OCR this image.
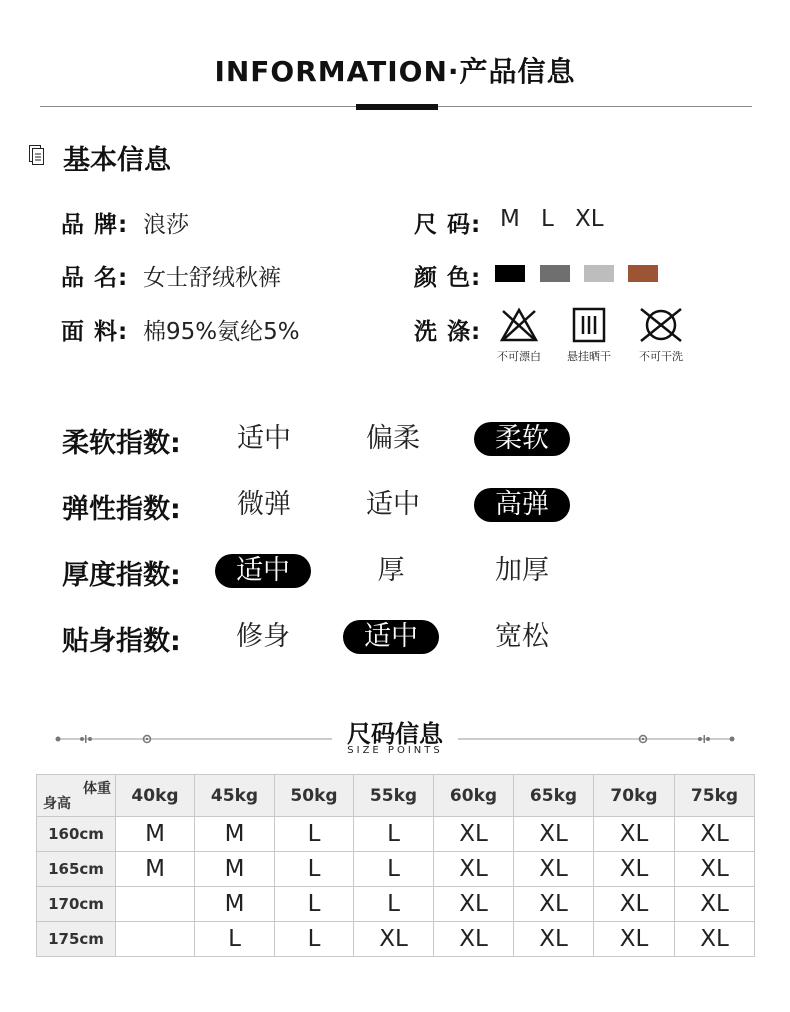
INFORMATION·产品信息
基本信息
品 牌: 浪莎
品 名: 女士舒绒秋裤
面 料: 棉95%氨纶5%
尺 码: M L XL
颜 色:
洗 涤:
不可漂白	悬挂晒干	不可干洗
柔软指数:	适中	偏柔	柔软
弹性指数:	微弹	适中	高弹
厚度指数:	适中	厚	加厚
贴身指数:	修身	适中	宽松
尺码信息
SIZE POINTS
体重
身高	40kg	45kg	50kg	55kg	60kg	65kg	70kg	75kg
160cm	M	M	L	L	XL	XL	XL	XL
165cm	M	M	L	L	XL	XL	XL	XL
170cm		M	L	L	XL	XL	XL	XL
175cm		L	L	XL	XL	XL	XL	XL
